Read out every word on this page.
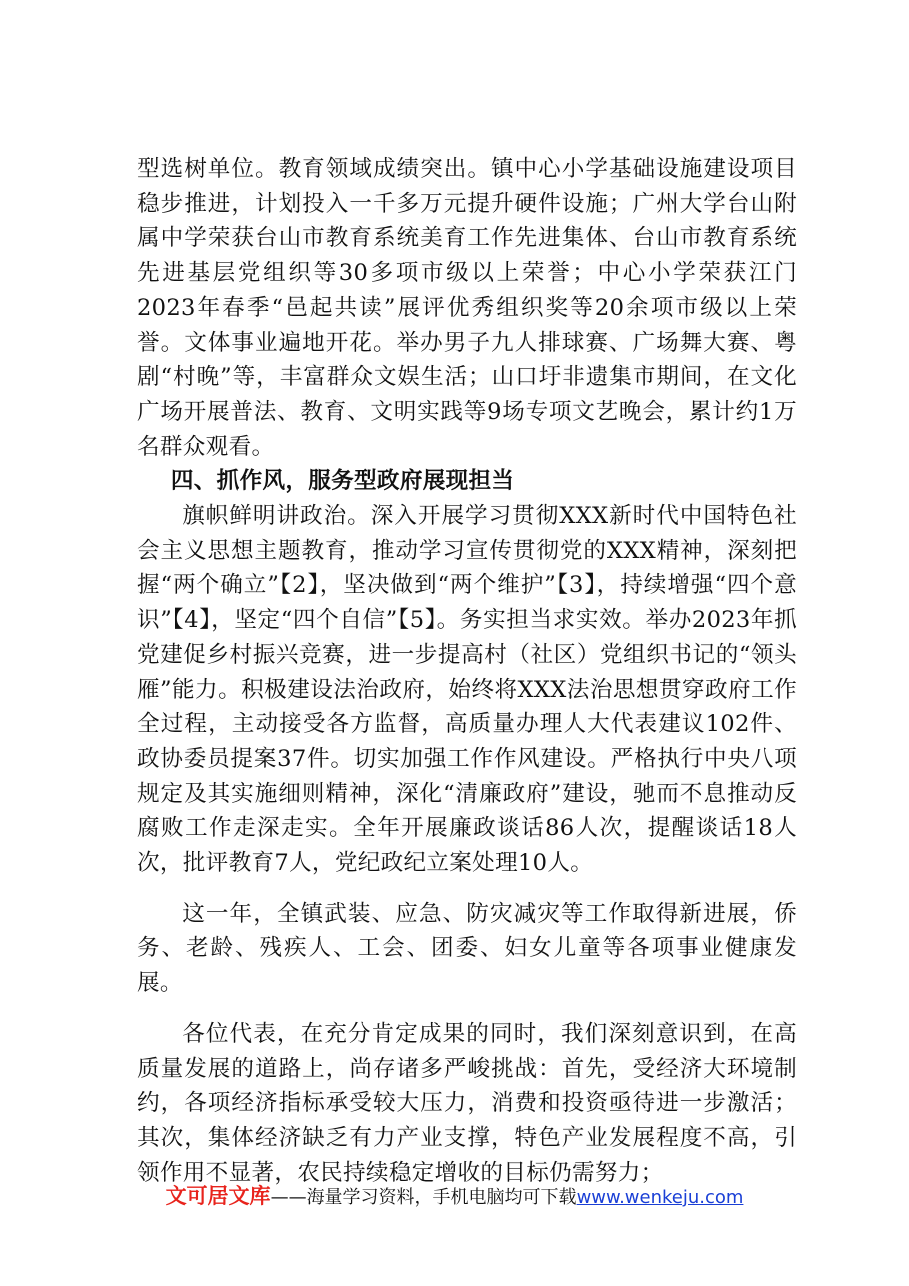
型选树单位。教育领域成绩突出。镇中心小学基础设施建设项目稳步推进，计划投入一千多万元提升硬件设施；广州大学台山附属中学荣获台山市教育系统美育工作先进集体、台山市教育系统先进基层党组织等30多项市级以上荣誉；中心小学荣获江门2023年春季“邑起共读”展评优秀组织奖等20余项市级以上荣誉。文体事业遍地开花。举办男子九人排球赛、广场舞大赛、粤剧“村晚”等，丰富群众文娱生活；山口圩非遗集市期间，在文化广场开展普法、教育、文明实践等9场专项文艺晚会，累计约1万名群众观看。

四、抓作风，服务型政府展现担当

旗帜鲜明讲政治。深入开展学习贯彻XXX新时代中国特色社会主义思想主题教育，推动学习宣传贯彻党的XXX精神，深刻把握“两个确立”【2】，坚决做到“两个维护”【3】，持续增强“四个意识”【4】，坚定“四个自信”【5】。务实担当求实效。举办2023年抓党建促乡村振兴竞赛，进一步提高村（社区）党组织书记的“领头雁”能力。积极建设法治政府，始终将XXX法治思想贯穿政府工作全过程，主动接受各方监督，高质量办理人大代表建议102件、政协委员提案37件。切实加强工作作风建设。严格执行中央八项规定及其实施细则精神，深化“清廉政府”建设，驰而不息推动反腐败工作走深走实。全年开展廉政谈话86人次，提醒谈话18人次，批评教育7人，党纪政纪立案处理10人。

这一年，全镇武装、应急、防灾减灾等工作取得新进展，侨务、老龄、残疾人、工会、团委、妇女儿童等各项事业健康发展。

各位代表，在充分肯定成果的同时，我们深刻意识到，在高质量发展的道路上，尚存诸多严峻挑战：首先，受经济大环境制约，各项经济指标承受较大压力，消费和投资亟待进一步激活；其次，集体经济缺乏有力产业支撑，特色产业发展程度不高，引领作用不显著，农民持续稳定增收的目标仍需努力；

文可居文库——海量学习资料，手机电脑均可下载www.wenkeju.com
